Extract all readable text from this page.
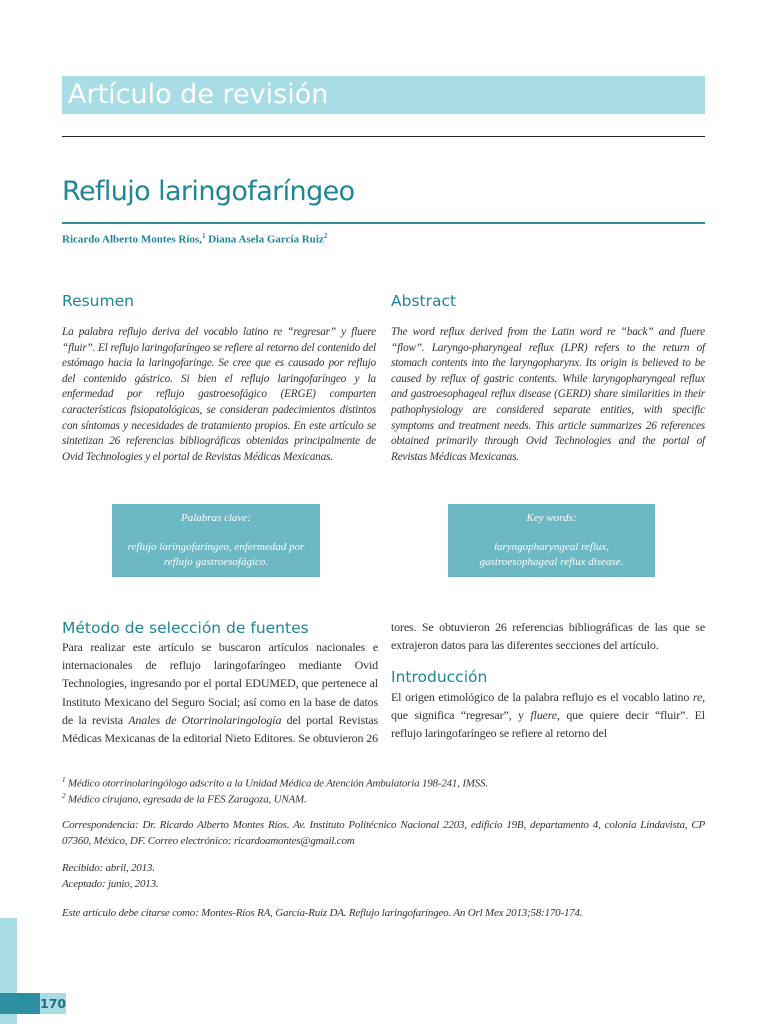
Artículo de revisión
Reflujo laringofaríngeo
Ricardo Alberto Montes Ríos,$^1$ Diana Asela García Ruiz$^2$
Resumen
La palabra reflujo deriva del vocablo latino re “regresar” y fluere “fluir”. El reflujo laringofaríngeo se refiere al retorno del contenido del estómago hacia la laringofaringe. Se cree que es causado por reflujo del contenido gástrico. Si bien el reflujo laringofaríngeo y la enfermedad por reflujo gastroesofágico (ERGE) comparten características fisiopatológicas, se consideran padecimientos distintos con síntomas y necesidades de tratamiento propios. En este artículo se sintetizan 26 referencias bibliográficas obtenidas principalmente de Ovid Technologies y el portal de Revistas Médicas Mexicanas.
Abstract
The word reflux derived from the Latin word re “back” and fluere “flow”. Laryngo-pharyngeal reflux (LPR) refers to the return of stomach contents into the laryngopharynx. Its origin is believed to be caused by reflux of gastric contents. While laryngopharyngeal reflux and gastroesophageal reflux disease (GERD) share similarities in their pathophysiology are considered separate entities, with specific symptoms and treatment needs. This article summarizes 26 references obtained primarily through Ovid Technologies and the portal of Revistas Médicas Mexicanas.
Palabras clave:
reflujo laringofaríngeo, enfermedad por reflujo gastroesofágico.
Key words:
laryngopharyngeal reflux, gastroesophageal reflux disease.
Método de selección de fuentes
Para realizar este artículo se buscaron artículos nacionales e internacionales de reflujo laringofaríngeo mediante Ovid Technologies, ingresando por el portal EDUMED, que pertenece al Instituto Mexicano del Seguro Social; así como en la base de datos de la revista Anales de Otorrinolaringología del portal Revistas Médicas Mexicanas de la editorial Nieto Editores. Se obtuvieron 26
tores. Se obtuvieron 26 referencias bibliográficas de las que se extrajeron datos para las diferentes secciones del artículo.
Introducción
El origen etimológico de la palabra reflujo es el vocablo latino re, que significa “regresar”, y fluere, que quiere decir “fluir”. El reflujo laringofaríngeo se refiere al retorno del
$^1$ Médico otorrinolaringólogo adscrito a la Unidad Médica de Atención Ambulatoria 198-241, IMSS.
$^2$ Médico cirujano, egresada de la FES Zaragoza, UNAM.
Correspondencia: Dr. Ricardo Alberto Montes Ríos. Av. Instituto Politécnico Nacional 2203, edificio 19B, departamento 4, colonia Lindavista, CP 07360, México, DF. Correo electrónico: ricardoamontes@gmail.com
Recibido: abril, 2013.
Aceptado: junio, 2013.
Este artículo debe citarse como: Montes-Ríos RA, García-Ruiz DA. Reflujo laringofaríngeo. An Orl Mex 2013;58:170-174.
170
